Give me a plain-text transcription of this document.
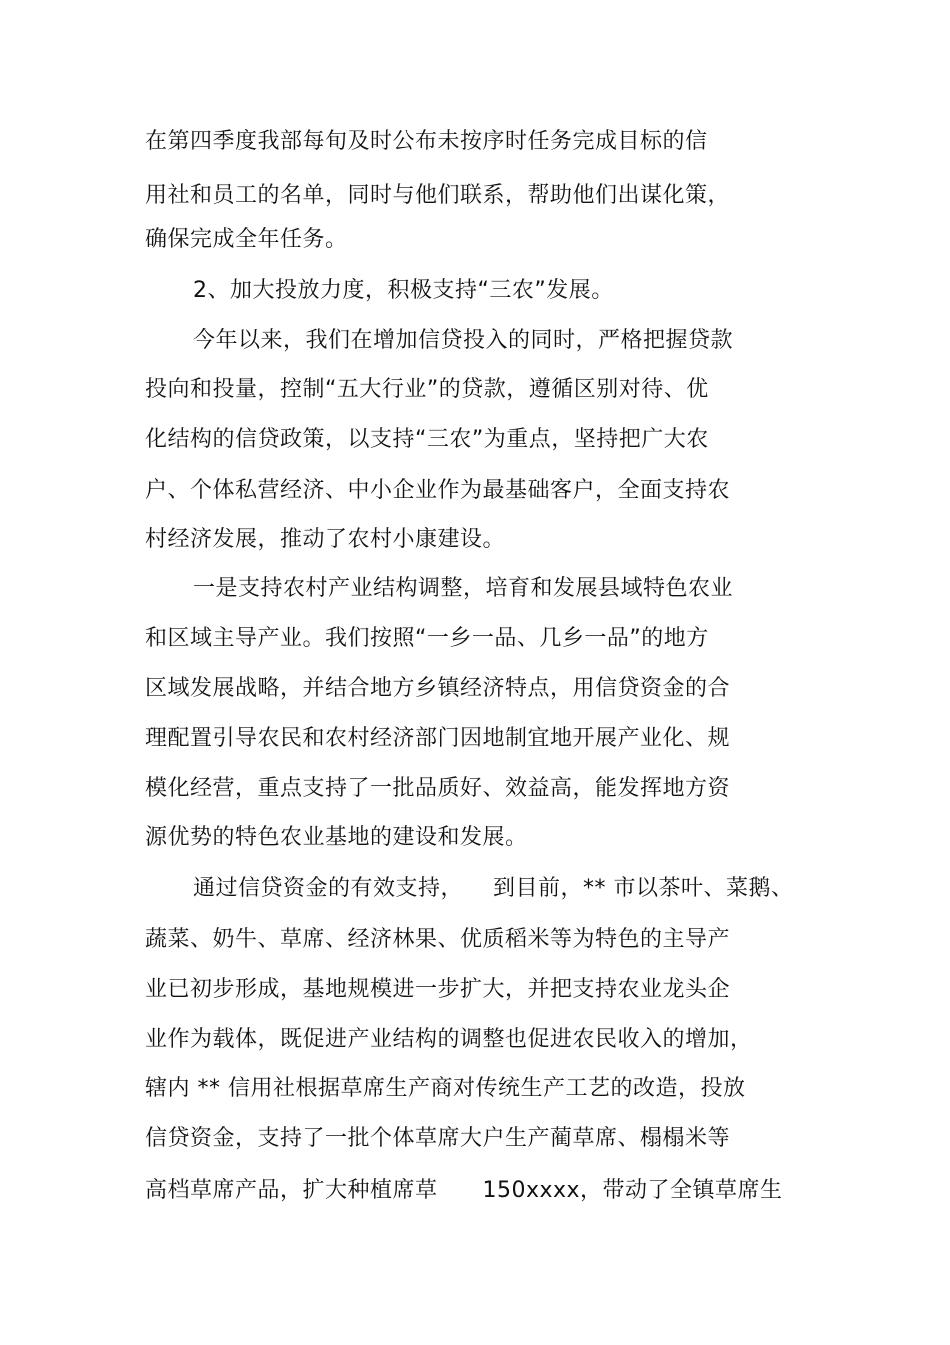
在第四季度我部每旬及时公布未按序时任务完成目标的信
用社和员工的名单，同时与他们联系，帮助他们出谋化策，
确保完成全年任务。
2、加大投放力度，积极支持“三农”发展。
今年以来，我们在增加信贷投入的同时，严格把握贷款
投向和投量，控制“五大行业”的贷款，遵循区别对待、优
化结构的信贷政策，以支持“三农”为重点，坚持把广大农
户、个体私营经济、中小企业作为最基础客户，全面支持农
村经济发展，推动了农村小康建设。
一是支持农村产业结构调整，培育和发展县域特色农业
和区域主导产业。我们按照“一乡一品、几乡一品”的地方
区域发展战略，并结合地方乡镇经济特点，用信贷资金的合
理配置引导农民和农村经济部门因地制宜地开展产业化、规
模化经营，重点支持了一批品质好、效益高，能发挥地方资
源优势的特色农业基地的建设和发展。
通过信贷资金的有效支持，    到目前，** 市以茶叶、菜鹅、
蔬菜、奶牛、草席、经济林果、优质稻米等为特色的主导产
业已初步形成，基地规模进一步扩大，并把支持农业龙头企
业作为载体，既促进产业结构的调整也促进农民收入的增加，
辖内 ** 信用社根据草席生产商对传统生产工艺的改造，投放
信贷资金，支持了一批个体草席大户生产蔺草席、榻榻米等
高档草席产品，扩大种植席草      150xxxx，带动了全镇草席生
